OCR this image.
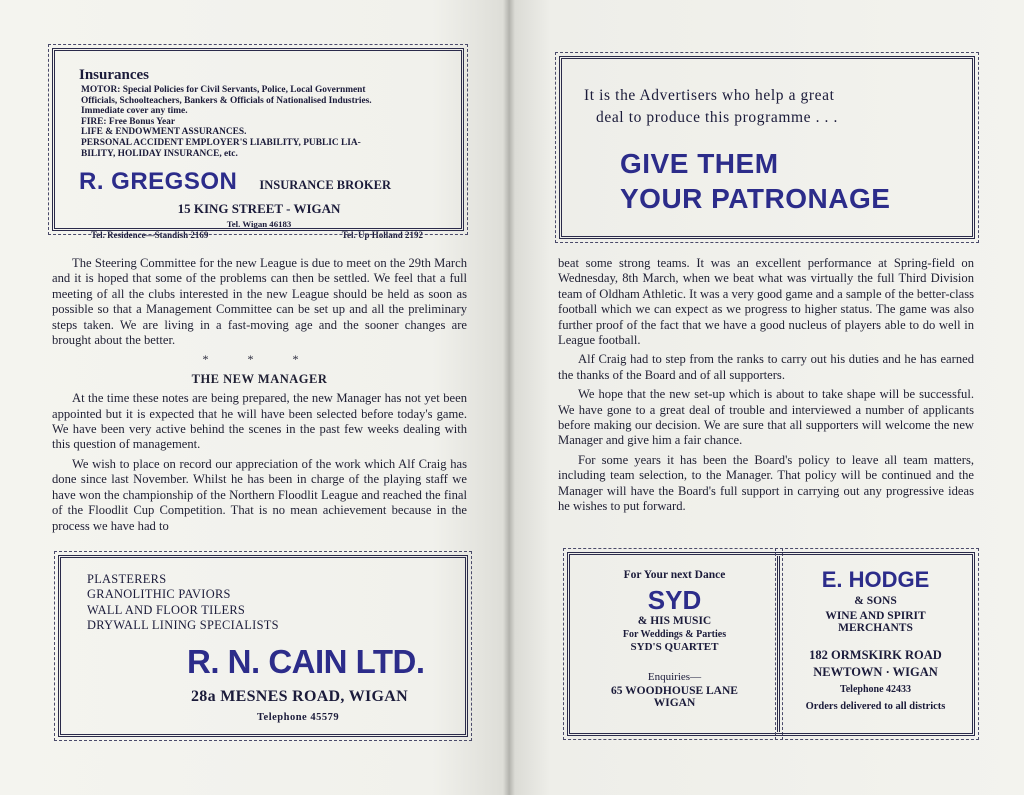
Insurances
MOTOR: Special Policies for Civil Servants, Police, Local Government
Officials, Schoolteachers, Bankers & Officials of Nationalised Industries.
Immediate cover any time.
FIRE: Free Bonus Year
LIFE & ENDOWMENT ASSURANCES.
PERSONAL ACCIDENT EMPLOYER'S LIABILITY, PUBLIC LIA-
BILITY, HOLIDAY INSURANCE, etc.
R. GREGSON INSURANCE BROKER
15 KING STREET - WIGAN
Tel. Wigan 46183
Tel. Residence—Standish 2169	Tel. Up Holland 2192

The Steering Committee for the new League is due to meet on the 29th March and it is hoped that some of the problems can then be settled. We feel that a full meeting of all the clubs interested in the new League should be held as soon as possible so that a Management Committee can be set up and all the preliminary steps taken. We are living in a fast-moving age and the sooner changes are brought about the better.

* * *

THE NEW MANAGER

At the time these notes are being prepared, the new Manager has not yet been appointed but it is expected that he will have been selected before today's game. We have been very active behind the scenes in the past few weeks dealing with this question of management.

We wish to place on record our appreciation of the work which Alf Craig has done since last November. Whilst he has been in charge of the playing staff we have won the championship of the Northern Floodlit League and reached the final of the Floodlit Cup Competition. That is no mean achievement because in the process we have had to

PLASTERERS
GRANOLITHIC PAVIORS
WALL AND FLOOR TILERS
DRYWALL LINING SPECIALISTS
R. N. CAIN LTD.
28a MESNES ROAD, WIGAN
Telephone 45579
It is the Advertisers who help a great
deal to produce this programme . . .
GIVE THEM
YOUR PATRONAGE

beat some strong teams. It was an excellent performance at Spring-field on Wednesday, 8th March, when we beat what was virtually the full Third Division team of Oldham Athletic. It was a very good game and a sample of the better-class football which we can expect as we progress to higher status. The game was also further proof of the fact that we have a good nucleus of players able to do well in League football.

Alf Craig had to step from the ranks to carry out his duties and he has earned the thanks of the Board and of all supporters.

We hope that the new set-up which is about to take shape will be successful. We have gone to a great deal of trouble and interviewed a number of applicants before making our decision. We are sure that all supporters will welcome the new Manager and give him a fair chance.

For some years it has been the Board's policy to leave all team matters, including team selection, to the Manager. That policy will be continued and the Manager will have the Board's full support in carrying out any progressive ideas he wishes to put forward.

For Your next Dance
SYD
& HIS MUSIC
For Weddings & Parties
SYD'S QUARTET
Enquiries—
65 WOODHOUSE LANE
WIGAN
E. HODGE
& SONS
WINE AND SPIRIT
MERCHANTS
182 ORMSKIRK ROAD
NEWTOWN · WIGAN
Telephone 42433
Orders delivered to all districts
